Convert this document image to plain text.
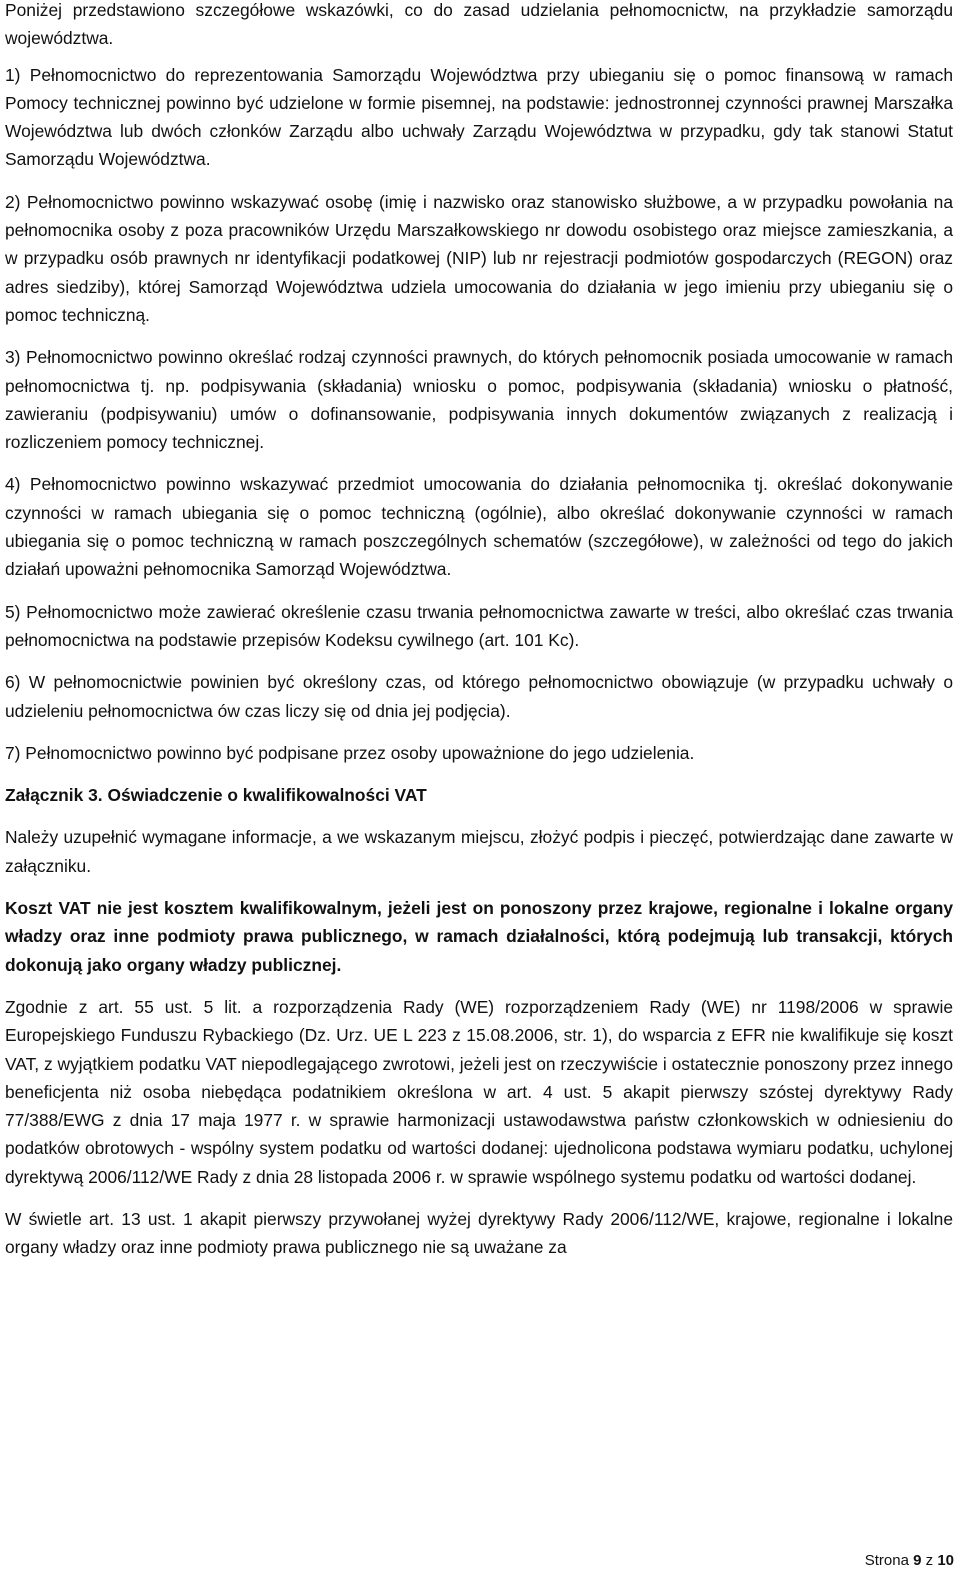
Poniżej przedstawiono szczegółowe wskazówki, co do zasad udzielania pełnomocnictw, na przykładzie samorządu województwa.

1) Pełnomocnictwo do reprezentowania Samorządu Województwa przy ubieganiu się o pomoc finansową w ramach Pomocy technicznej powinno być udzielone w formie pisemnej, na podstawie: jednostronnej czynności prawnej Marszałka Województwa lub dwóch członków Zarządu albo uchwały Zarządu Województwa w przypadku, gdy tak stanowi Statut Samorządu Województwa.

2) Pełnomocnictwo powinno wskazywać osobę (imię i nazwisko oraz stanowisko służbowe, a w przypadku powołania na pełnomocnika osoby z poza pracowników Urzędu Marszałkowskiego nr dowodu osobistego oraz miejsce zamieszkania, a w przypadku osób prawnych nr identyfikacji podatkowej (NIP) lub nr rejestracji podmiotów gospodarczych (REGON) oraz adres siedziby), której Samorząd Województwa udziela umocowania do działania w jego imieniu przy ubieganiu się o pomoc techniczną.

3) Pełnomocnictwo powinno określać rodzaj czynności prawnych, do których pełnomocnik posiada umocowanie w ramach pełnomocnictwa tj. np. podpisywania (składania) wniosku o pomoc, podpisywania (składania) wniosku o płatność, zawieraniu (podpisywaniu) umów o dofinansowanie, podpisywania innych dokumentów związanych z realizacją i rozliczeniem pomocy technicznej.

4) Pełnomocnictwo powinno wskazywać przedmiot umocowania do działania pełnomocnika tj. określać dokonywanie czynności w ramach ubiegania się o pomoc techniczną (ogólnie), albo określać dokonywanie czynności w ramach ubiegania się o pomoc techniczną w ramach poszczególnych schematów (szczegółowe), w zależności od tego do jakich działań upoważni pełnomocnika Samorząd Województwa.

5) Pełnomocnictwo może zawierać określenie czasu trwania pełnomocnictwa zawarte w treści, albo określać czas trwania pełnomocnictwa na podstawie przepisów Kodeksu cywilnego (art. 101 Kc).

6) W pełnomocnictwie powinien być określony czas, od którego pełnomocnictwo obowiązuje (w przypadku uchwały o udzieleniu pełnomocnictwa ów czas liczy się od dnia jej podjęcia).

7) Pełnomocnictwo powinno być podpisane przez osoby upoważnione do jego udzielenia.

Załącznik 3. Oświadczenie o kwalifikowalności VAT

Należy uzupełnić wymagane informacje, a we wskazanym miejscu, złożyć podpis i pieczęć, potwierdzając dane zawarte w załączniku.

Koszt VAT nie jest kosztem kwalifikowalnym, jeżeli jest on ponoszony przez krajowe, regionalne i lokalne organy władzy oraz inne podmioty prawa publicznego, w ramach działalności, którą podejmują lub transakcji, których dokonują jako organy władzy publicznej.

Zgodnie z art. 55 ust. 5 lit. a rozporządzenia Rady (WE) rozporządzeniem Rady (WE) nr 1198/2006 w sprawie Europejskiego Funduszu Rybackiego (Dz. Urz. UE L 223 z 15.08.2006, str. 1), do wsparcia z EFR nie kwalifikuje się koszt VAT, z wyjątkiem podatku VAT niepodlegającego zwrotowi, jeżeli jest on rzeczywiście i ostatecznie ponoszony przez innego beneficjenta niż osoba niebędąca podatnikiem określona w art. 4 ust. 5 akapit pierwszy szóstej dyrektywy Rady 77/388/EWG z dnia 17 maja 1977 r. w sprawie harmonizacji ustawodawstwa państw członkowskich w odniesieniu do podatków obrotowych - wspólny system podatku od wartości dodanej: ujednolicona podstawa wymiaru podatku, uchylonej dyrektywą 2006/112/WE Rady z dnia 28 listopada 2006 r. w sprawie wspólnego systemu podatku od wartości dodanej.

W świetle art. 13 ust. 1 akapit pierwszy przywołanej wyżej dyrektywy Rady 2006/112/WE, krajowe, regionalne i lokalne organy władzy oraz inne podmioty prawa publicznego nie są uważane za

Strona 9 z 10
